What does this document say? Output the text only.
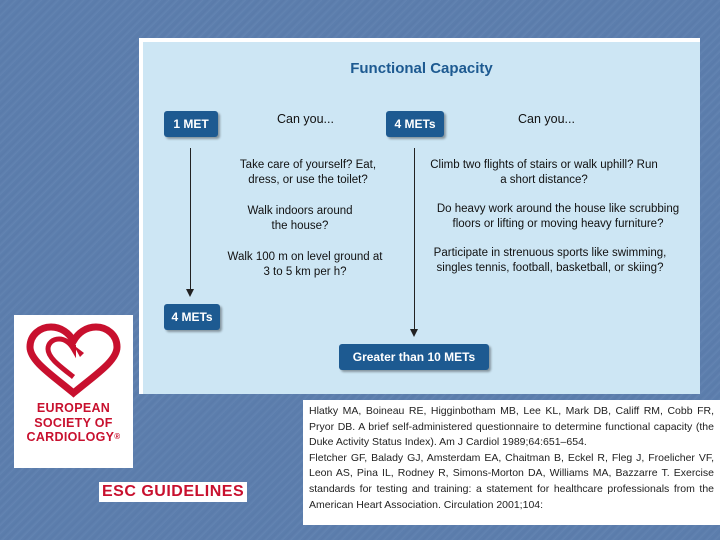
Functional Capacity
1 MET	Can you...
Take care of yourself? Eat, dress, or use the toilet?
Walk indoors around the house?
Walk 100 m on level ground at 3 to 5 km per h?
4 METs
4 METs	Can you...
Climb two flights of stairs or walk uphill? Run a short distance?
Do heavy work around the house like scrubbing floors or lifting or moving heavy furniture?
Participate in strenuous sports like swimming, singles tennis, football, basketball, or skiing?
Greater than 10 METs
EUROPEAN
SOCIETY OF
CARDIOLOGY®
ESC GUIDELINES

Hlatky MA, Boineau RE, Higginbotham MB, Lee KL, Mark DB, Califf RM, Cobb FR, Pryor DB. A brief self-administered questionnaire to determine functional capacity (the Duke Activity Status Index). Am J Cardiol 1989;64:651–654.

Fletcher GF, Balady GJ, Amsterdam EA, Chaitman B, Eckel R, Fleg J, Froelicher VF, Leon AS, Pina IL, Rodney R, Simons-Morton DA, Williams MA, Bazzarre T. Exercise standards for testing and training: a statement for healthcare professionals from the American Heart Association. Circulation 2001;104:
